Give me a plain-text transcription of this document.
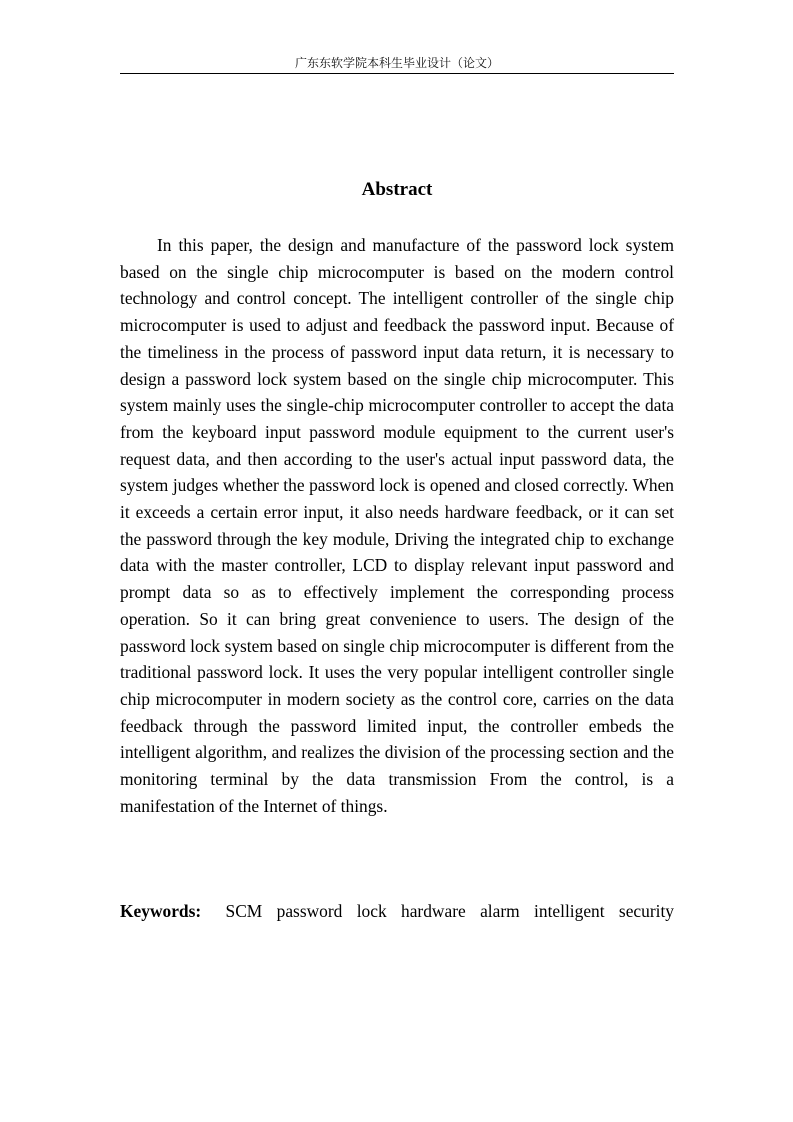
广东东软学院本科生毕业设计（论文）
Abstract

In this paper, the design and manufacture of the password lock system based on the single chip microcomputer is based on the modern control technology and control concept. The intelligent controller of the single chip microcomputer is used to adjust and feedback the password input. Because of the timeliness in the process of password input data return, it is necessary to design a password lock system based on the single chip microcomputer. This system mainly uses the single-chip microcomputer controller to accept the data from the keyboard input password module equipment to the current user's request data, and then according to the user's actual input password data, the system judges whether the password lock is opened and closed correctly. When it exceeds a certain error input, it also needs hardware feedback, or it can set the password through the key module, Driving the integrated chip to exchange data with the master controller, LCD to display relevant input password and prompt data so as to effectively implement the corresponding process operation. So it can bring great convenience to users. The design of the password lock system based on single chip microcomputer is different from the traditional password lock. It uses the very popular intelligent controller single chip microcomputer in modern society as the control core, carries on the data feedback through the password limited input, the controller embeds the intelligent algorithm, and realizes the division of the processing section and the monitoring terminal by the data transmission From the control, is a manifestation of the Internet of things.

Keywords: SCM password lock hardware alarm intelligent security
